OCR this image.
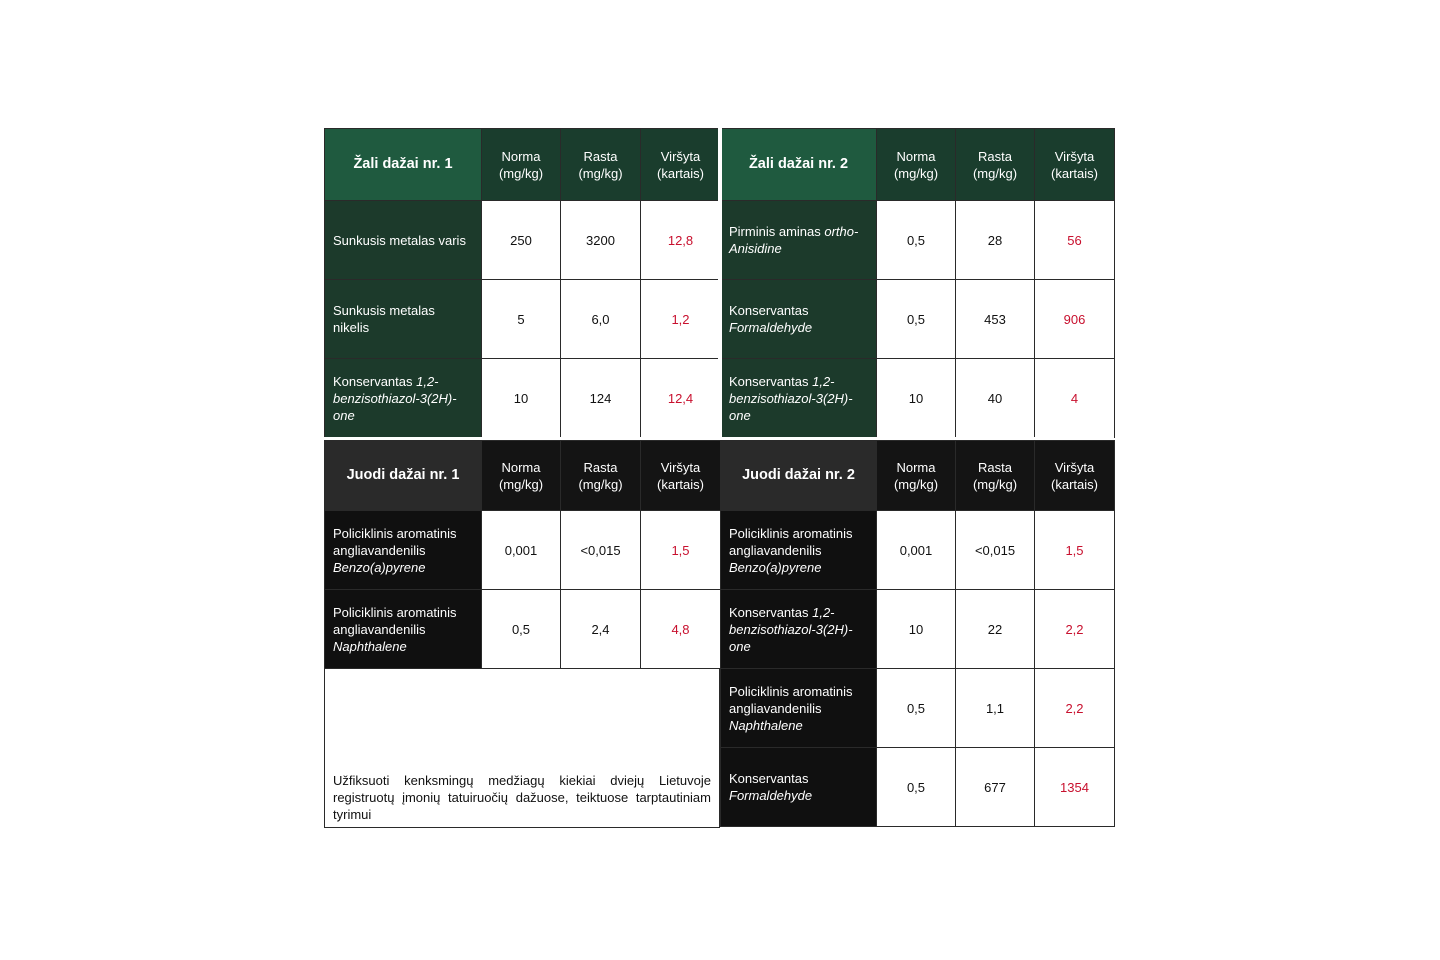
Žali dažai nr. 1	Norma (mg/kg)	Rasta (mg/kg)	Viršyta (kartais)
Sunkusis metalas varis	250	3200	12,8
Sunkusis metalas nikelis	5	6,0	1,2
Konservantas 1,2-benzisothiazol-3(2H)-one	10	124	12,4
Žali dažai nr. 2	Norma (mg/kg)	Rasta (mg/kg)	Viršyta (kartais)
Pirminis aminas ortho-Anisidine	0,5	28	56
Konservantas Formaldehyde	0,5	453	906
Konservantas 1,2-benzisothiazol-3(2H)-one	10	40	4
Juodi dažai nr. 1	Norma (mg/kg)	Rasta (mg/kg)	Viršyta (kartais)
Policiklinis aromatinis angliavandenilis Benzo(a)pyrene	0,001	<0,015	1,5
Policiklinis aromatinis angliavandenilis Naphthalene	0,5	2,4	4,8
Juodi dažai nr. 2	Norma (mg/kg)	Rasta (mg/kg)	Viršyta (kartais)
Policiklinis aromatinis angliavandenilis Benzo(a)pyrene	0,001	<0,015	1,5
Konservantas 1,2-benzisothiazol-3(2H)-one	10	22	2,2
Policiklinis aromatinis angliavandenilis Naphthalene	0,5	1,1	2,2
Konservantas Formaldehyde	0,5	677	1354
Užfiksuoti kenksmingų medžiagų kiekiai dviejų Lietuvoje registruotų įmonių tatuiruočių dažuose, teiktuose tarptautiniam tyrimui
